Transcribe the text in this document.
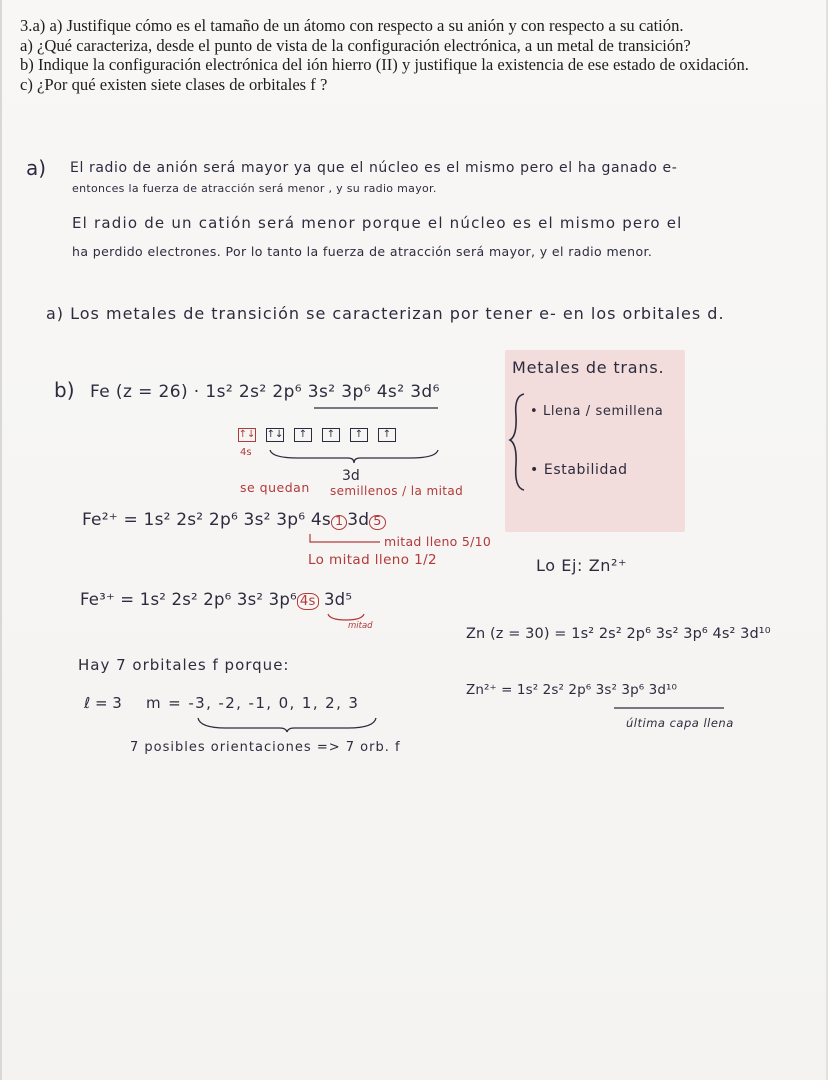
3.a) a) Justifique cómo es el tamaño de un átomo con respecto a su anión y con respecto a su catión.

a) ¿Qué caracteriza, desde el punto de vista de la configuración electrónica, a un metal de transición?

b) Indique la configuración electrónica del ión hierro (II) y justifique la existencia de ese estado de oxidación.

c) ¿Por qué existen siete clases de orbitales f ?

a) El radio de anión será mayor ya que el núcleo es el mismo pero el ha ganado e-
entonces la fuerza de atracción será menor , y su radio mayor.
El radio de un catión será menor porque el núcleo es el mismo pero el
ha perdido electrones. Por lo tanto la fuerza de atracción será mayor, y el radio menor.
a) Los metales de transición se caracterizan por tener e- en los orbitales d.
Metales de trans.
• Llena / semillena
• Estabilidad
b) Fe (z = 26) · 1s² 2s² 2p⁶ 3s² 3p⁶ 4s² 3d⁶
↑↓ ↑↓	↑	↑	↑	↑
4s
3d
se quedan semillenos / la mitad
Fe²⁺ = 1s² 2s² 2p⁶ 3s² 3p⁶ 4s 1 3d 5
mitad lleno 5/10
Lo mitad lleno 1/2	Lo Ej: Zn²⁺
Fe³⁺ = 1s² 2s² 2p⁶ 3s² 3p⁶ 4s 3d⁵
mitad	Zn (z = 30) = 1s² 2s² 2p⁶ 3s² 3p⁶ 4s² 3d¹⁰
Zn²⁺ = 1s² 2s² 2p⁶ 3s² 3p⁶ 3d¹⁰
última capa llena
Hay 7 orbitales f porque:
ℓ = 3 m = -3, -2, -1, 0, 1, 2, 3
7 posibles orientaciones => 7 orb. f
